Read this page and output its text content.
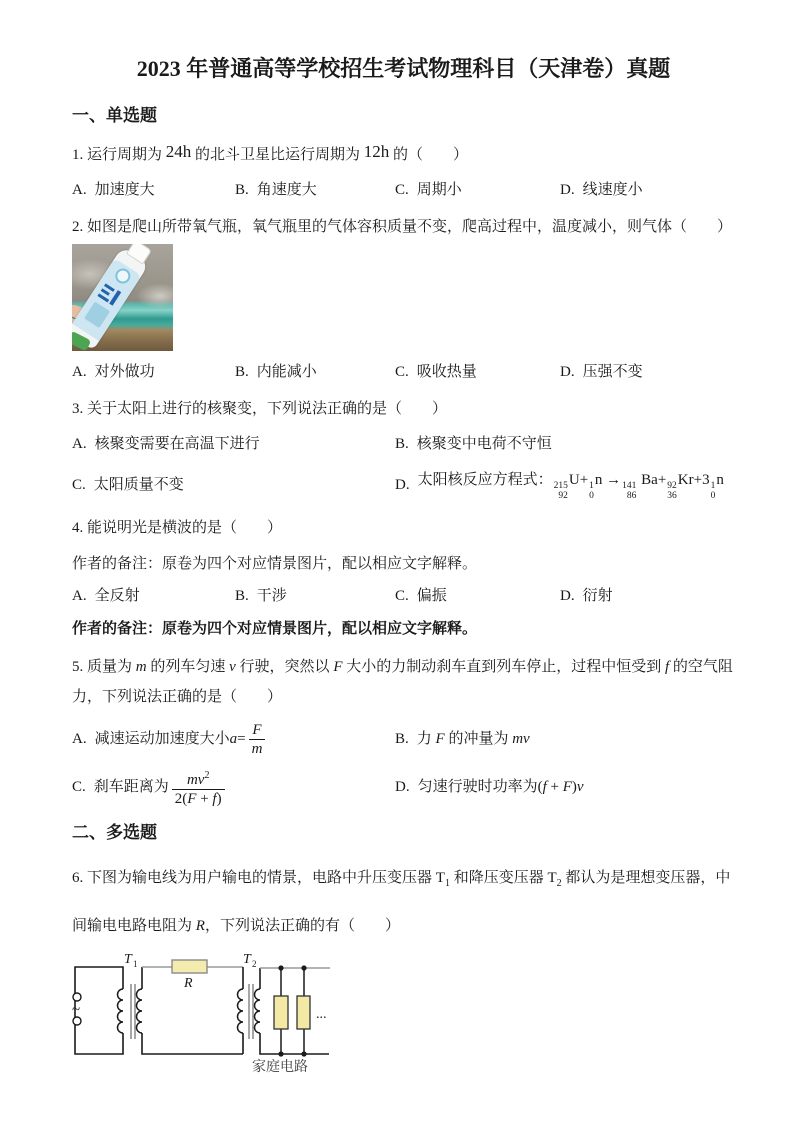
2023 年普通高等学校招生考试物理科目（天津卷）真题
一、单选题

1. 运行周期为 24h 的北斗卫星比运行周期为 12h 的（　　）

A. 加速度大	B. 角速度大	C. 周期小	D. 线速度小

2. 如图是爬山所带氧气瓶，氧气瓶里的气体容积质量不变，爬高过程中，温度减小，则气体（　　）

A. 对外做功	B. 内能减小	C. 吸收热量	D. 压强不变

3. 关于太阳上进行的核聚变，下列说法正确的是（　　）

A. 核聚变需要在高温下进行	B. 核聚变中电荷不守恒
C. 太阳质量不变	D. 太阳核反应方程式： 215
92
U+ 1
0
n → 141
86
Ba+ 92
36
Kr+3 1
0
n

4. 能说明光是横波的是（　　）

作者的备注：原卷为四个对应情景图片，配以相应文字解释。

A. 全反射	B. 干涉	C. 偏振	D. 衍射

作者的备注：原卷为四个对应情景图片，配以相应文字解释。

5. 质量为 m 的列车匀速 v 行驶，突然以 F 大小的力制动刹车直到列车停止，过程中恒受到 f 的空气阻力，下列说法正确的是（　　）

A. 减速运动加速度大小 $a = \frac{F}{m}$	B. 力 F 的冲量为 mv
C. 刹车距离为 $\frac{mv^2}{2(F + f)}$	D. 匀速行驶时功率为(f + F)v
二、多选题

6. 下图为输电线为用户输电的情景，电路中升压变压器 $T_1$ 和降压变压器 $T_2$ 都认为是理想变压器，中间输电电路电阻为 R，下列说法正确的有（　　）

~
T 1
R
T 2
...
家庭电路
